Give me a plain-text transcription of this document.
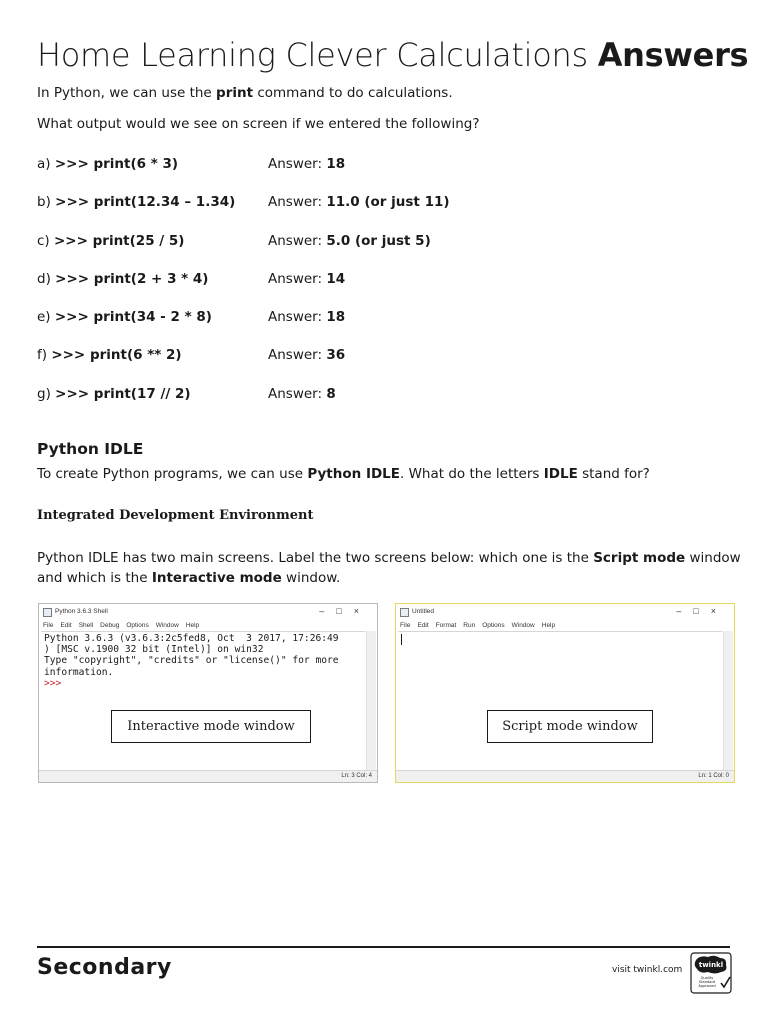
Home Learning Clever Calculations Answers
In Python, we can use the print command to do calculations.
What output would we see on screen if we entered the following?
a) >>> print(6 * 3)	Answer: 18
b) >>> print(12.34 – 1.34) Answer: 11.0 (or just 11)
c) >>> print(25 / 5)	Answer: 5.0 (or just 5)
d) >>> print(2 + 3 * 4)	Answer: 14
e) >>> print(34 - 2 * 8)	Answer: 18
f) >>> print(6 ** 2)	Answer: 36
g) >>> print(17 // 2)	Answer: 8
Python IDLE
To create Python programs, we can use Python IDLE. What do the letters IDLE stand for?
Integrated Development Environment
Python IDLE has two main screens. Label the two screens below: which one is the Script mode window
and which is the Interactive mode window.
Python 3.6.3 Shell	–□×
File Edit Shell Debug Options Window Help
Python 3.6.3 (v3.6.3:2c5fed8, Oct  3 2017, 17:26:49
) [MSC v.1900 32 bit (Intel)] on win32
Type "copyright", "credits" or "license()" for more
information.
>>>
Ln: 3 Col: 4
Interactive mode window
Untitled	–□×
File Edit Format Run Options Window Help
Ln: 1 Col: 0
Script mode window
Secondary	visit twinkl.com twinkl
Quality Standard Approved
